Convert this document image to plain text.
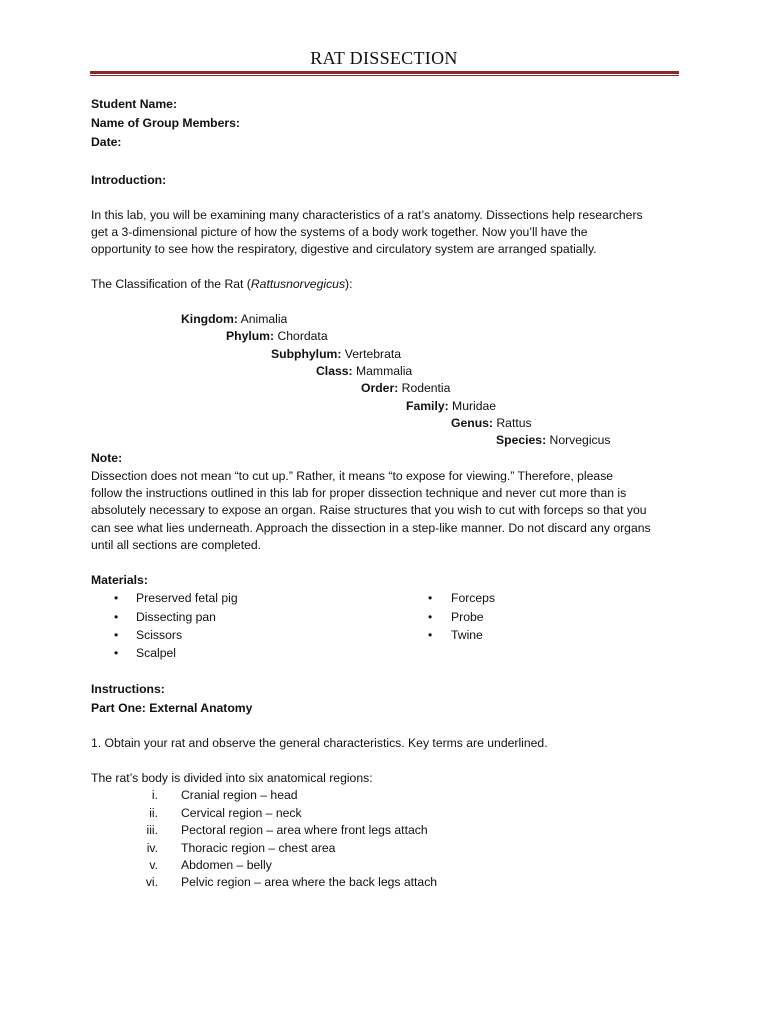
RAT DISSECTION
Student Name:
Name of Group Members:
Date:
Introduction:
In this lab, you will be examining many characteristics of a rat’s anatomy. Dissections help researchers
get a 3-dimensional picture of how the systems of a body work together. Now you’ll have the
opportunity to see how the respiratory, digestive and circulatory system are arranged spatially.
The Classification of the Rat (Rattusnorvegicus):
Kingdom: Animalia
Phylum: Chordata
Subphylum: Vertebrata
Class: Mammalia
Order: Rodentia
Family: Muridae
Genus: Rattus
Species: Norvegicus
Note:
Dissection does not mean “to cut up.” Rather, it means “to expose for viewing.” Therefore, please
follow the instructions outlined in this lab for proper dissection technique and never cut more than is
absolutely necessary to expose an organ. Raise structures that you wish to cut with forceps so that you
can see what lies underneath. Approach the dissection in a step-like manner. Do not discard any organs
until all sections are completed.
Materials:
• Preserved fetal pig
• Dissecting pan
• Scissors
• Scalpel
• Forceps
• Probe
• Twine
Instructions:
Part One: External Anatomy
1. Obtain your rat and observe the general characteristics. Key terms are underlined.
The rat’s body is divided into six anatomical regions:
i. Cranial region – head
ii. Cervical region – neck
iii. Pectoral region – area where front legs attach
iv. Thoracic region – chest area
v. Abdomen – belly
vi. Pelvic region – area where the back legs attach
